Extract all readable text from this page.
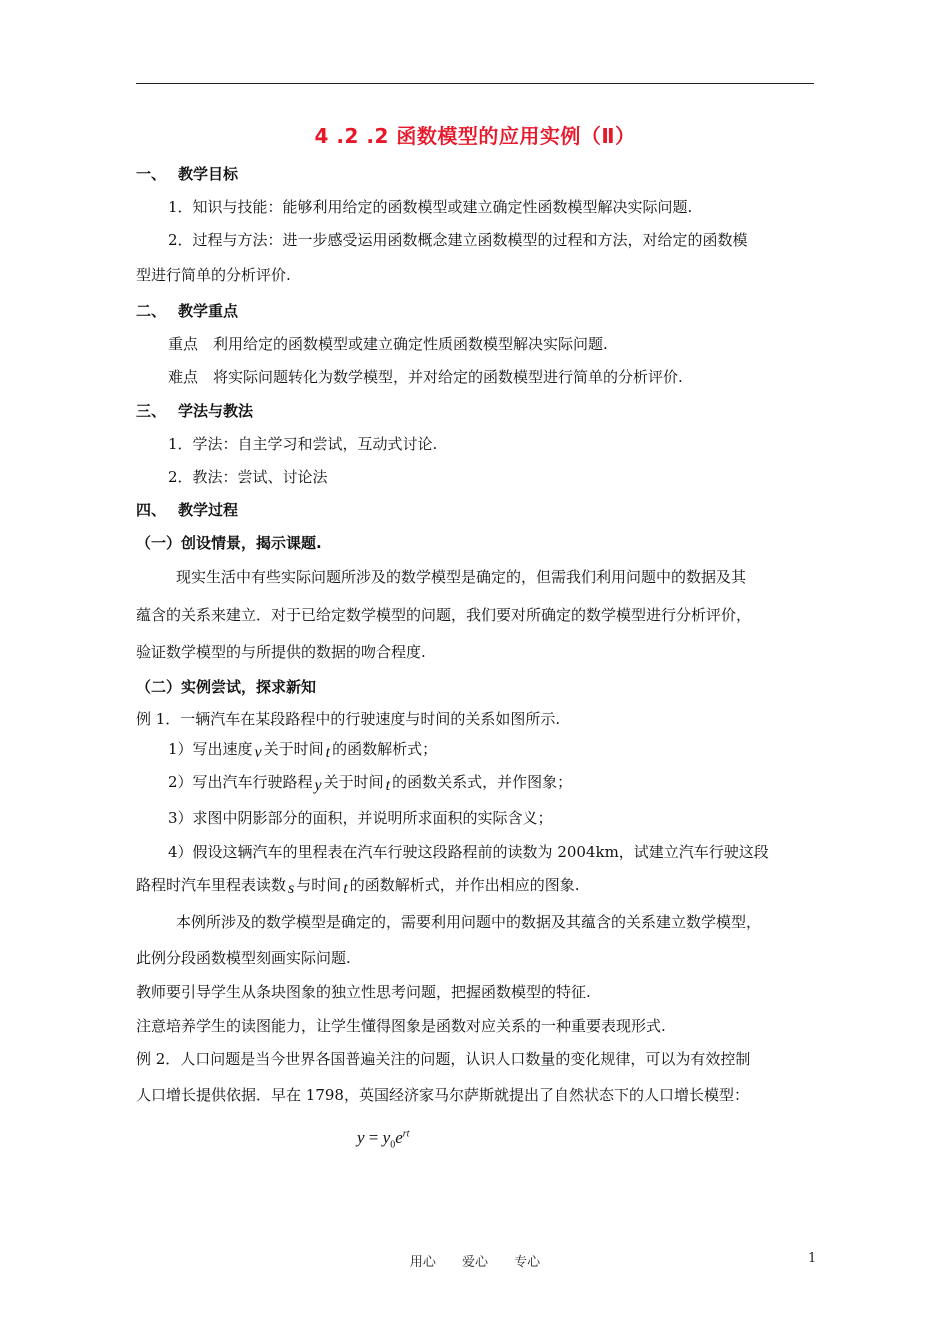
4 .2 .2 函数模型的应用实例（Ⅱ）
一、 教学目标
1．知识与技能：能够利用给定的函数模型或建立确定性函数模型解决实际问题.
2．过程与方法：进一步感受运用函数概念建立函数模型的过程和方法，对给定的函数模
型进行简单的分析评价.
二、 教学重点
重点　利用给定的函数模型或建立确定性质函数模型解决实际问题.
难点　将实际问题转化为数学模型，并对给定的函数模型进行简单的分析评价.
三、 学法与教法
1．学法：自主学习和尝试，互动式讨论.
2．教法：尝试、讨论法
四、 教学过程
（一）创设情景，揭示课题.
现实生活中有些实际问题所涉及的数学模型是确定的，但需我们利用问题中的数据及其
蕴含的关系来建立．对于已给定数学模型的问题，我们要对所确定的数学模型进行分析评价，
验证数学模型的与所提供的数据的吻合程度.
（二）实例尝试，探求新知
例 1．一辆汽车在某段路程中的行驶速度与时间的关系如图所示.
1）写出速度 v 关于时间 t 的函数解析式；
2）写出汽车行驶路程 y 关于时间 t 的函数关系式，并作图象；
3）求图中阴影部分的面积，并说明所求面积的实际含义；
4）假设这辆汽车的里程表在汽车行驶这段路程前的读数为 2004km，试建立汽车行驶这段
路程时汽车里程表读数 s 与时间 t 的函数解析式，并作出相应的图象.
本例所涉及的数学模型是确定的，需要利用问题中的数据及其蕴含的关系建立数学模型，
此例分段函数模型刻画实际问题.
教师要引导学生从条块图象的独立性思考问题，把握函数模型的特征.
注意培养学生的读图能力，让学生懂得图象是函数对应关系的一种重要表现形式.
例 2．人口问题是当今世界各国普遍关注的问题，认识人口数量的变化规律，可以为有效控制
人口增长提供依据．早在 1798，英国经济家马尔萨斯就提出了自然状态下的人口增长模型：
$y = y_0e^{rt}$
用心 爱心 专心	1
